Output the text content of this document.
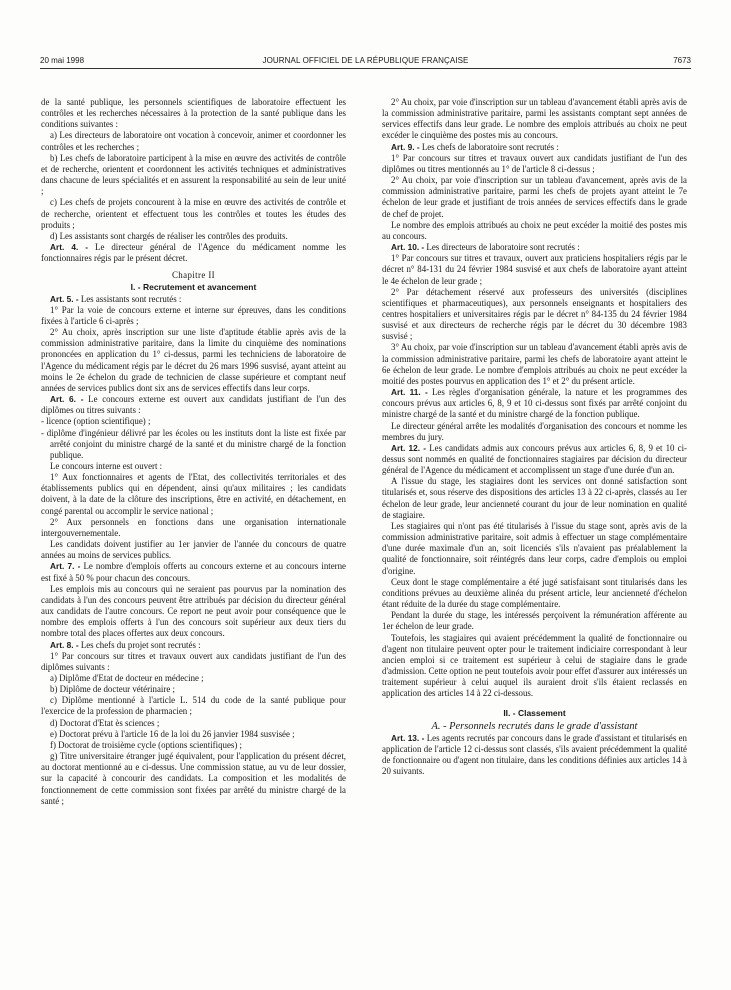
20 mai 1998	JOURNAL OFFICIEL DE LA RÉPUBLIQUE FRANÇAISE	7673

de la santé publique, les personnels scientifiques de laboratoire effectuent les contrôles et les recherches nécessaires à la protection de la santé publique dans les conditions suivantes :

a) Les directeurs de laboratoire ont vocation à concevoir, animer et coordonner les contrôles et les recherches ;

b) Les chefs de laboratoire participent à la mise en œuvre des activités de contrôle et de recherche, orientent et coordonnent les activités techniques et administratives dans chacune de leurs spécialités et en assurent la responsabilité au sein de leur unité ;

c) Les chefs de projets concourent à la mise en œuvre des activités de contrôle et de recherche, orientent et effectuent tous les contrôles et toutes les études des produits ;

d) Les assistants sont chargés de réaliser les contrôles des produits.

Art. 4. - Le directeur général de l'Agence du médicament nomme les fonctionnaires régis par le présent décret.

Chapitre II
I. - Recrutement et avancement

Art. 5. - Les assistants sont recrutés :

1° Par la voie de concours externe et interne sur épreuves, dans les conditions fixées à l'article 6 ci-après ;

2° Au choix, après inscription sur une liste d'aptitude établie après avis de la commission administrative paritaire, dans la limite du cinquième des nominations prononcées en application du 1° ci-dessus, parmi les techniciens de laboratoire de l'Agence du médicament régis par le décret du 26 mars 1996 susvisé, ayant atteint au moins le 2e échelon du grade de technicien de classe supérieure et comptant neuf années de services publics dont six ans de services effectifs dans leur corps.

Art. 6. - Le concours externe est ouvert aux candidats justifiant de l'un des diplômes ou titres suivants :

- licence (option scientifique) ;

- diplôme d'ingénieur délivré par les écoles ou les instituts dont la liste est fixée par arrêté conjoint du ministre chargé de la santé et du ministre chargé de la fonction publique.

Le concours interne est ouvert :

1° Aux fonctionnaires et agents de l'Etat, des collectivités territoriales et des établissements publics qui en dépendent, ainsi qu'aux militaires ; les candidats doivent, à la date de la clôture des inscriptions, être en activité, en détachement, en congé parental ou accomplir le service national ;

2° Aux personnels en fonctions dans une organisation internationale intergouvernementale.

Les candidats doivent justifier au 1er janvier de l'année du concours de quatre années au moins de services publics.

Art. 7. - Le nombre d'emplois offerts au concours externe et au concours interne est fixé à 50 % pour chacun des concours.

Les emplois mis au concours qui ne seraient pas pourvus par la nomination des candidats à l'un des concours peuvent être attribués par décision du directeur général aux candidats de l'autre concours. Ce report ne peut avoir pour conséquence que le nombre des emplois offerts à l'un des concours soit supérieur aux deux tiers du nombre total des places offertes aux deux concours.

Art. 8. - Les chefs du projet sont recrutés :

1° Par concours sur titres et travaux ouvert aux candidats justifiant de l'un des diplômes suivants :

a) Diplôme d'Etat de docteur en médecine ;

b) Diplôme de docteur vétérinaire ;

c) Diplôme mentionné à l'article L. 514 du code de la santé publique pour l'exercice de la profession de pharmacien ;

d) Doctorat d'Etat ès sciences ;

e) Doctorat prévu à l'article 16 de la loi du 26 janvier 1984 susvisée ;

f) Doctorat de troisième cycle (options scientifiques) ;

g) Titre universitaire étranger jugé équivalent, pour l'application du présent décret, au doctorat mentionné au e ci-dessus. Une commission statue, au vu de leur dossier, sur la capacité à concourir des candidats. La composition et les modalités de fonctionnement de cette commission sont fixées par arrêté du ministre chargé de la santé ;

2° Au choix, par voie d'inscription sur un tableau d'avancement établi après avis de la commission administrative paritaire, parmi les assistants comptant sept années de services effectifs dans leur grade. Le nombre des emplois attribués au choix ne peut excéder le cinquième des postes mis au concours.

Art. 9. - Les chefs de laboratoire sont recrutés :

1° Par concours sur titres et travaux ouvert aux candidats justifiant de l'un des diplômes ou titres mentionnés au 1° de l'article 8 ci-dessus ;

2° Au choix, par voie d'inscription sur un tableau d'avancement, après avis de la commission administrative paritaire, parmi les chefs de projets ayant atteint le 7e échelon de leur grade et justifiant de trois années de services effectifs dans le grade de chef de projet.

Le nombre des emplois attribués au choix ne peut excéder la moitié des postes mis au concours.

Art. 10. - Les directeurs de laboratoire sont recrutés :

1° Par concours sur titres et travaux, ouvert aux praticiens hospitaliers régis par le décret n° 84-131 du 24 février 1984 susvisé et aux chefs de laboratoire ayant atteint le 4e échelon de leur grade ;

2° Par détachement réservé aux professeurs des universités (disciplines scientifiques et pharmaceutiques), aux personnels enseignants et hospitaliers des centres hospitaliers et universitaires régis par le décret n° 84-135 du 24 février 1984 susvisé et aux directeurs de recherche régis par le décret du 30 décembre 1983 susvisé ;

3° Au choix, par voie d'inscription sur un tableau d'avancement établi après avis de la commission administrative paritaire, parmi les chefs de laboratoire ayant atteint le 6e échelon de leur grade. Le nombre d'emplois attribués au choix ne peut excéder la moitié des postes pourvus en application des 1° et 2° du présent article.

Art. 11. - Les règles d'organisation générale, la nature et les programmes des concours prévus aux articles 6, 8, 9 et 10 ci-dessus sont fixés par arrêté conjoint du ministre chargé de la santé et du ministre chargé de la fonction publique.

Le directeur général arrête les modalités d'organisation des concours et nomme les membres du jury.

Art. 12. - Les candidats admis aux concours prévus aux articles 6, 8, 9 et 10 ci-dessus sont nommés en qualité de fonctionnaires stagiaires par décision du directeur général de l'Agence du médicament et accomplissent un stage d'une durée d'un an.

A l'issue du stage, les stagiaires dont les services ont donné satisfaction sont titularisés et, sous réserve des dispositions des articles 13 à 22 ci-après, classés au 1er échelon de leur grade, leur ancienneté courant du jour de leur nomination en qualité de stagiaire.

Les stagiaires qui n'ont pas été titularisés à l'issue du stage sont, après avis de la commission administrative paritaire, soit admis à effectuer un stage complémentaire d'une durée maximale d'un an, soit licenciés s'ils n'avaient pas préalablement la qualité de fonctionnaire, soit réintégrés dans leur corps, cadre d'emplois ou emploi d'origine.

Ceux dont le stage complémentaire a été jugé satisfaisant sont titularisés dans les conditions prévues au deuxième alinéa du présent article, leur ancienneté d'échelon étant réduite de la durée du stage complémentaire.

Pendant la durée du stage, les intéressés perçoivent la rémunération afférente au 1er échelon de leur grade.

Toutefois, les stagiaires qui avaient précédemment la qualité de fonctionnaire ou d'agent non titulaire peuvent opter pour le traitement indiciaire correspondant à leur ancien emploi si ce traitement est supérieur à celui de stagiaire dans le grade d'admission. Cette option ne peut toutefois avoir pour effet d'assurer aux intéressés un traitement supérieur à celui auquel ils auraient droit s'ils étaient reclassés en application des articles 14 à 22 ci-dessous.

II. - Classement
A. - Personnels recrutés dans le grade d'assistant

Art. 13. - Les agents recrutés par concours dans le grade d'assistant et titularisés en application de l'article 12 ci-dessus sont classés, s'ils avaient précédemment la qualité de fonctionnaire ou d'agent non titulaire, dans les conditions définies aux articles 14 à 20 suivants.
